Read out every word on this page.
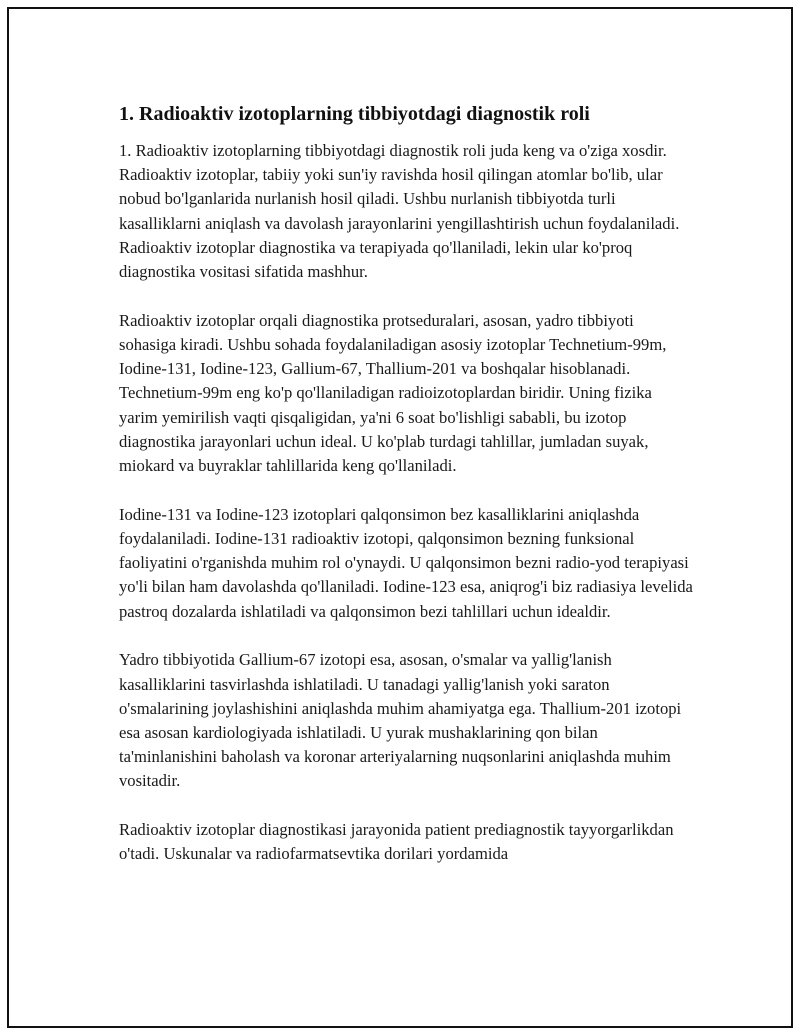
1. Radioaktiv izotoplarning tibbiyotdagi diagnostik roli

1. Radioaktiv izotoplarning tibbiyotdagi diagnostik roli juda keng va o'ziga xosdir. Radioaktiv izotoplar, tabiiy yoki sun'iy ravishda hosil qilingan atomlar bo'lib, ular nobud bo'lganlarida nurlanish hosil qiladi. Ushbu nurlanish tibbiyotda turli kasalliklarni aniqlash va davolash jarayonlarini yengillashtirish uchun foydalaniladi. Radioaktiv izotoplar diagnostika va terapiyada qo'llaniladi, lekin ular ko'proq diagnostika vositasi sifatida mashhur.

Radioaktiv izotoplar orqali diagnostika protseduralari, asosan, yadro tibbiyoti sohasiga kiradi. Ushbu sohada foydalaniladigan asosiy izotoplar Technetium-99m, Iodine-131, Iodine-123, Gallium-67, Thallium-201 va boshqalar hisoblanadi. Technetium-99m eng ko'p qo'llaniladigan radioizotoplardan biridir. Uning fizika yarim yemirilish vaqti qisqaligidan, ya'ni 6 soat bo'lishligi sababli, bu izotop diagnostika jarayonlari uchun ideal. U ko'plab turdagi tahlillar, jumladan suyak, miokard va buyraklar tahlillarida keng qo'llaniladi.

Iodine-131 va Iodine-123 izotoplari qalqonsimon bez kasalliklarini aniqlashda foydalaniladi. Iodine-131 radioaktiv izotopi, qalqonsimon bezning funksional faoliyatini o'rganishda muhim rol o'ynaydi. U qalqonsimon bezni radio-yod terapiyasi yo'li bilan ham davolashda qo'llaniladi. Iodine-123 esa, aniqrog'i biz radiasiya levelida pastroq dozalarda ishlatiladi va qalqonsimon bezi tahlillari uchun idealdir.

Yadro tibbiyotida Gallium-67 izotopi esa, asosan, o'smalar va yallig'lanish kasalliklarini tasvirlashda ishlatiladi. U tanadagi yallig'lanish yoki saraton o'smalarining joylashishini aniqlashda muhim ahamiyatga ega. Thallium-201 izotopi esa asosan kardiologiyada ishlatiladi. U yurak mushaklarining qon bilan ta'minlanishini baholash va koronar arteriyalarning nuqsonlarini aniqlashda muhim vositadir.

Radioaktiv izotoplar diagnostikasi jarayonida patient prediagnostik tayyorgarlikdan o'tadi. Uskunalar va radiofarmatsevtika dorilari yordamida
